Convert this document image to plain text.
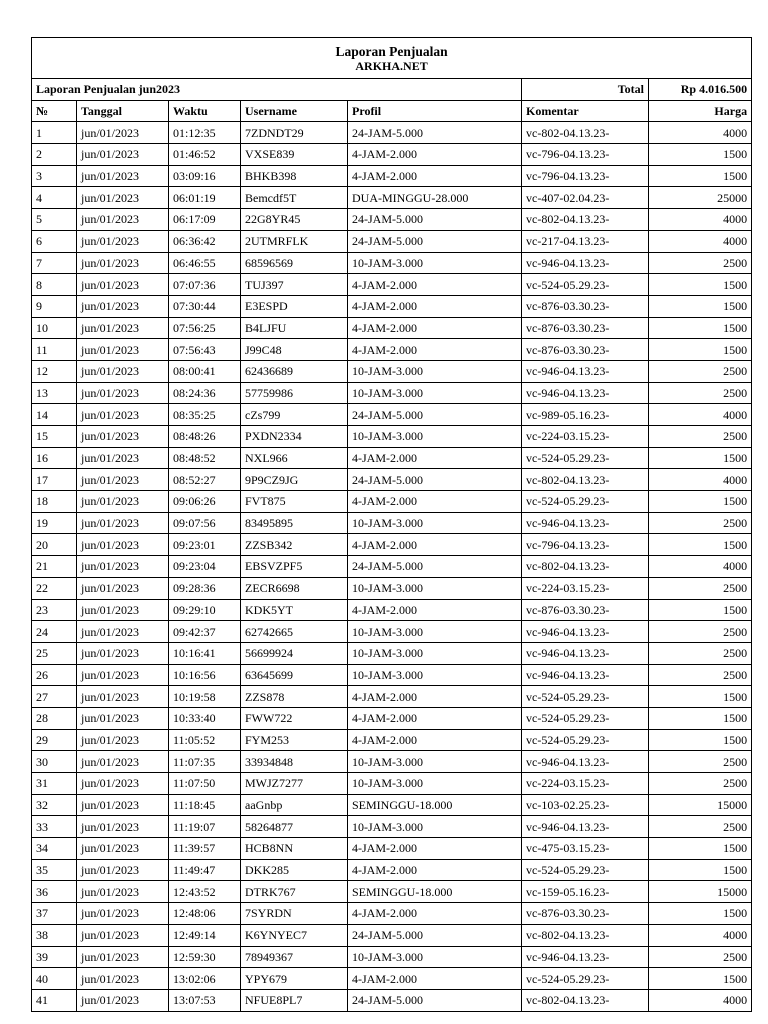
Laporan Penjualan
ARKHA.NET						

Laporan Penjualan jun2023					Total	Rp 4.016.500
№	Tanggal	Waktu	Username	Profil	Komentar	Harga
1	jun/01/2023	01:12:35	7ZDNDT29	24-JAM-5.000	vc-802-04.13.23-	4000
2	jun/01/2023	01:46:52	VXSE839	4-JAM-2.000	vc-796-04.13.23-	1500
3	jun/01/2023	03:09:16	BHKB398	4-JAM-2.000	vc-796-04.13.23-	1500
4	jun/01/2023	06:01:19	Bemcdf5T	DUA-MINGGU-28.000	vc-407-02.04.23-	25000
5	jun/01/2023	06:17:09	22G8YR45	24-JAM-5.000	vc-802-04.13.23-	4000
6	jun/01/2023	06:36:42	2UTMRFLK	24-JAM-5.000	vc-217-04.13.23-	4000
7	jun/01/2023	06:46:55	68596569	10-JAM-3.000	vc-946-04.13.23-	2500
8	jun/01/2023	07:07:36	TUJ397	4-JAM-2.000	vc-524-05.29.23-	1500
9	jun/01/2023	07:30:44	E3ESPD	4-JAM-2.000	vc-876-03.30.23-	1500
10	jun/01/2023	07:56:25	B4LJFU	4-JAM-2.000	vc-876-03.30.23-	1500
11	jun/01/2023	07:56:43	J99C48	4-JAM-2.000	vc-876-03.30.23-	1500
12	jun/01/2023	08:00:41	62436689	10-JAM-3.000	vc-946-04.13.23-	2500
13	jun/01/2023	08:24:36	57759986	10-JAM-3.000	vc-946-04.13.23-	2500
14	jun/01/2023	08:35:25	cZs799	24-JAM-5.000	vc-989-05.16.23-	4000
15	jun/01/2023	08:48:26	PXDN2334	10-JAM-3.000	vc-224-03.15.23-	2500
16	jun/01/2023	08:48:52	NXL966	4-JAM-2.000	vc-524-05.29.23-	1500
17	jun/01/2023	08:52:27	9P9CZ9JG	24-JAM-5.000	vc-802-04.13.23-	4000
18	jun/01/2023	09:06:26	FVT875	4-JAM-2.000	vc-524-05.29.23-	1500
19	jun/01/2023	09:07:56	83495895	10-JAM-3.000	vc-946-04.13.23-	2500
20	jun/01/2023	09:23:01	ZZSB342	4-JAM-2.000	vc-796-04.13.23-	1500
21	jun/01/2023	09:23:04	EBSVZPF5	24-JAM-5.000	vc-802-04.13.23-	4000
22	jun/01/2023	09:28:36	ZECR6698	10-JAM-3.000	vc-224-03.15.23-	2500
23	jun/01/2023	09:29:10	KDK5YT	4-JAM-2.000	vc-876-03.30.23-	1500
24	jun/01/2023	09:42:37	62742665	10-JAM-3.000	vc-946-04.13.23-	2500
25	jun/01/2023	10:16:41	56699924	10-JAM-3.000	vc-946-04.13.23-	2500
26	jun/01/2023	10:16:56	63645699	10-JAM-3.000	vc-946-04.13.23-	2500
27	jun/01/2023	10:19:58	ZZS878	4-JAM-2.000	vc-524-05.29.23-	1500
28	jun/01/2023	10:33:40	FWW722	4-JAM-2.000	vc-524-05.29.23-	1500
29	jun/01/2023	11:05:52	FYM253	4-JAM-2.000	vc-524-05.29.23-	1500
30	jun/01/2023	11:07:35	33934848	10-JAM-3.000	vc-946-04.13.23-	2500
31	jun/01/2023	11:07:50	MWJZ7277	10-JAM-3.000	vc-224-03.15.23-	2500
32	jun/01/2023	11:18:45	aaGnbp	SEMINGGU-18.000	vc-103-02.25.23-	15000
33	jun/01/2023	11:19:07	58264877	10-JAM-3.000	vc-946-04.13.23-	2500
34	jun/01/2023	11:39:57	HCB8NN	4-JAM-2.000	vc-475-03.15.23-	1500
35	jun/01/2023	11:49:47	DKK285	4-JAM-2.000	vc-524-05.29.23-	1500
36	jun/01/2023	12:43:52	DTRK767	SEMINGGU-18.000	vc-159-05.16.23-	15000
37	jun/01/2023	12:48:06	7SYRDN	4-JAM-2.000	vc-876-03.30.23-	1500
38	jun/01/2023	12:49:14	K6YNYEC7	24-JAM-5.000	vc-802-04.13.23-	4000
39	jun/01/2023	12:59:30	78949367	10-JAM-3.000	vc-946-04.13.23-	2500
40	jun/01/2023	13:02:06	YPY679	4-JAM-2.000	vc-524-05.29.23-	1500
41	jun/01/2023	13:07:53	NFUE8PL7	24-JAM-5.000	vc-802-04.13.23-	4000
